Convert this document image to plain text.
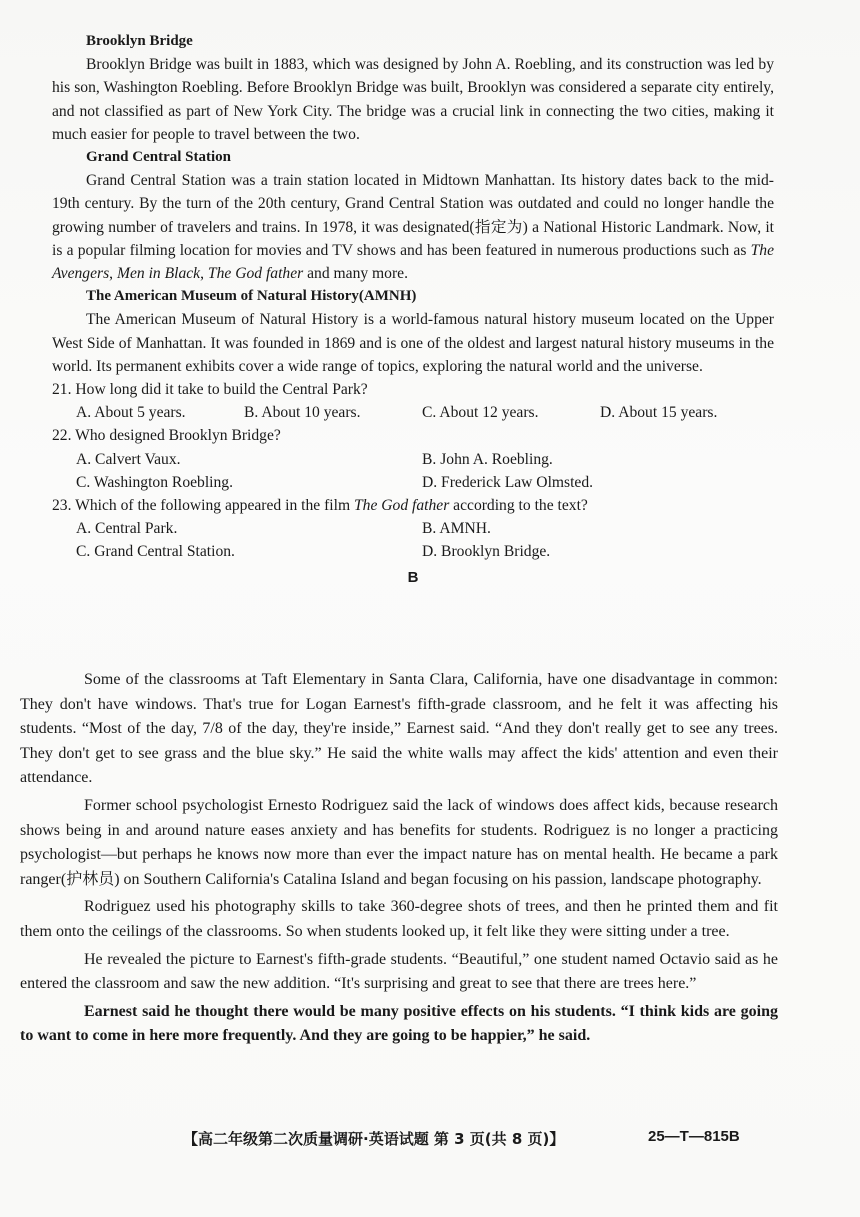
Brooklyn Bridge

Brooklyn Bridge was built in 1883, which was designed by John A. Roebling, and its construction was led by his son, Washington Roebling. Before Brooklyn Bridge was built, Brooklyn was considered a separate city entirely, and not classified as part of New York City. The bridge was a crucial link in connecting the two cities, making it much easier for people to travel between the two.

Grand Central Station

Grand Central Station was a train station located in Midtown Manhattan. Its history dates back to the mid-19th century. By the turn of the 20th century, Grand Central Station was outdated and could no longer handle the growing number of travelers and trains. In 1978, it was designated(指定为) a National Historic Landmark. Now, it is a popular filming location for movies and TV shows and has been featured in numerous productions such as The Avengers, Men in Black, The God father and many more.

The American Museum of Natural History(AMNH)

The American Museum of Natural History is a world-famous natural history museum located on the Upper West Side of Manhattan. It was founded in 1869 and is one of the oldest and largest natural history museums in the world. Its permanent exhibits cover a wide range of topics, exploring the natural world and the universe.

21. How long did it take to build the Central Park?
A. About 5 years.	B. About 10 years.	C. About 12 years.	D. About 15 years.
22. Who designed Brooklyn Bridge?
A. Calvert Vaux.	B. John A. Roebling.
C. Washington Roebling.	D. Frederick Law Olmsted.
23. Which of the following appeared in the film The God father according to the text?
A. Central Park.	B. AMNH.
C. Grand Central Station.	D. Brooklyn Bridge.
B

Some of the classrooms at Taft Elementary in Santa Clara, California, have one disadvantage in common: They don't have windows. That's true for Logan Earnest's fifth-grade classroom, and he felt it was affecting his students. “Most of the day, 7/8 of the day, they're inside,” Earnest said. “And they don't really get to see any trees. They don't get to see grass and the blue sky.” He said the white walls may affect the kids' attention and even their attendance.

Former school psychologist Ernesto Rodriguez said the lack of windows does affect kids, because research shows being in and around nature eases anxiety and has benefits for students. Rodriguez is no longer a practicing psychologist—but perhaps he knows now more than ever the impact nature has on mental health. He became a park ranger(护林员) on Southern California's Catalina Island and began focusing on his passion, landscape photography.

Rodriguez used his photography skills to take 360-degree shots of trees, and then he printed them and fit them onto the ceilings of the classrooms. So when students looked up, it felt like they were sitting under a tree.

He revealed the picture to Earnest's fifth-grade students. “Beautiful,” one student named Octavio said as he entered the classroom and saw the new addition. “It's surprising and great to see that there are trees here.”

Earnest said he thought there would be many positive effects on his students. “I think kids are going to want to come in here more frequently. And they are going to be happier,” he said.

【高二年级第二次质量调研·英语试题 第 3 页(共 8 页)】	25—T—815B
